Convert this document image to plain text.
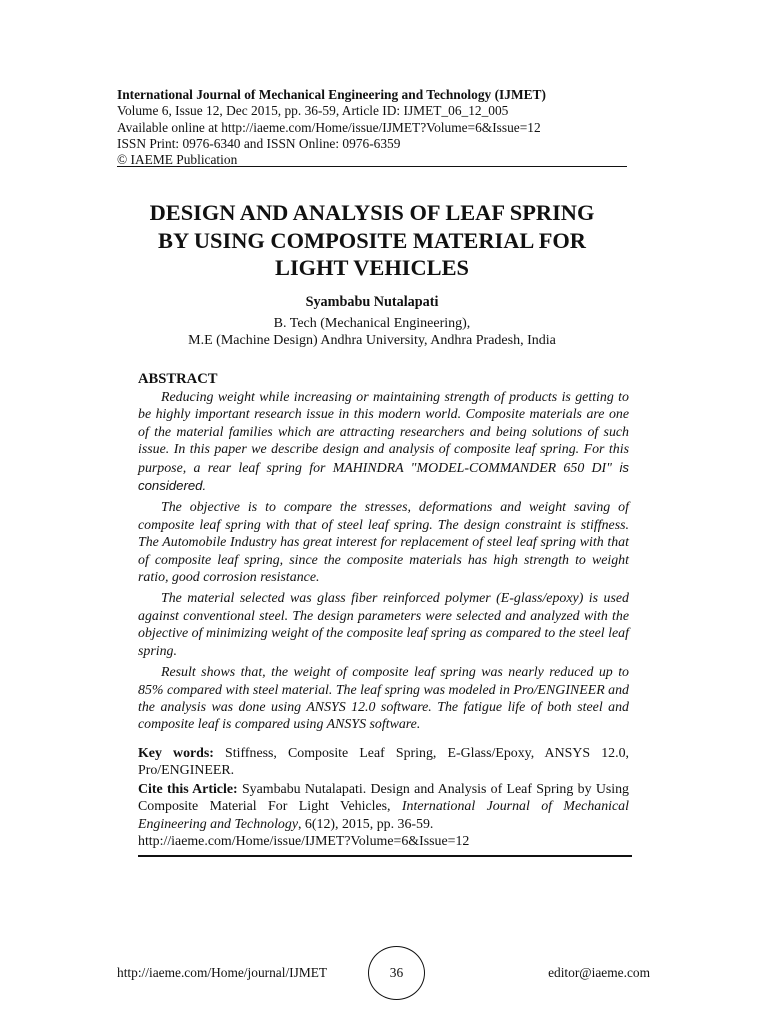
International Journal of Mechanical Engineering and Technology (IJMET)
Volume 6, Issue 12, Dec 2015, pp. 36-59, Article ID: IJMET_06_12_005
Available online at http://iaeme.com/Home/issue/IJMET?Volume=6&Issue=12
ISSN Print: 0976-6340 and ISSN Online: 0976-6359
© IAEME Publication
DESIGN AND ANALYSIS OF LEAF SPRING
BY USING COMPOSITE MATERIAL FOR
LIGHT VEHICLES
Syambabu Nutalapati
B. Tech (Mechanical Engineering),
M.E (Machine Design) Andhra University, Andhra Pradesh, India
ABSTRACT

Reducing weight while increasing or maintaining strength of products is getting to be highly important research issue in this modern world. Composite materials are one of the material families which are attracting researchers and being solutions of such issue. In this paper we describe design and analysis of composite leaf spring. For this purpose, a rear leaf spring for MAHINDRA "MODEL-COMMANDER 650 DI" is considered.

The objective is to compare the stresses, deformations and weight saving of composite leaf spring with that of steel leaf spring. The design constraint is stiffness. The Automobile Industry has great interest for replacement of steel leaf spring with that of composite leaf spring, since the composite materials has high strength to weight ratio, good corrosion resistance.

The material selected was glass fiber reinforced polymer (E-glass/epoxy) is used against conventional steel. The design parameters were selected and analyzed with the objective of minimizing weight of the composite leaf spring as compared to the steel leaf spring.

Result shows that, the weight of composite leaf spring was nearly reduced up to 85% compared with steel material. The leaf spring was modeled in Pro/ENGINEER and the analysis was done using ANSYS 12.0 software. The fatigue life of both steel and composite leaf is compared using ANSYS software.

Key words: Stiffness, Composite Leaf Spring, E-Glass/Epoxy, ANSYS 12.0, Pro/ENGINEER.
Cite this Article: Syambabu Nutalapati. Design and Analysis of Leaf Spring by Using Composite Material For Light Vehicles, International Journal of Mechanical Engineering and Technology, 6(12), 2015, pp. 36-59.
http://iaeme.com/Home/issue/IJMET?Volume=6&Issue=12
http://iaeme.com/Home/journal/IJMET	36	editor@iaeme.com
